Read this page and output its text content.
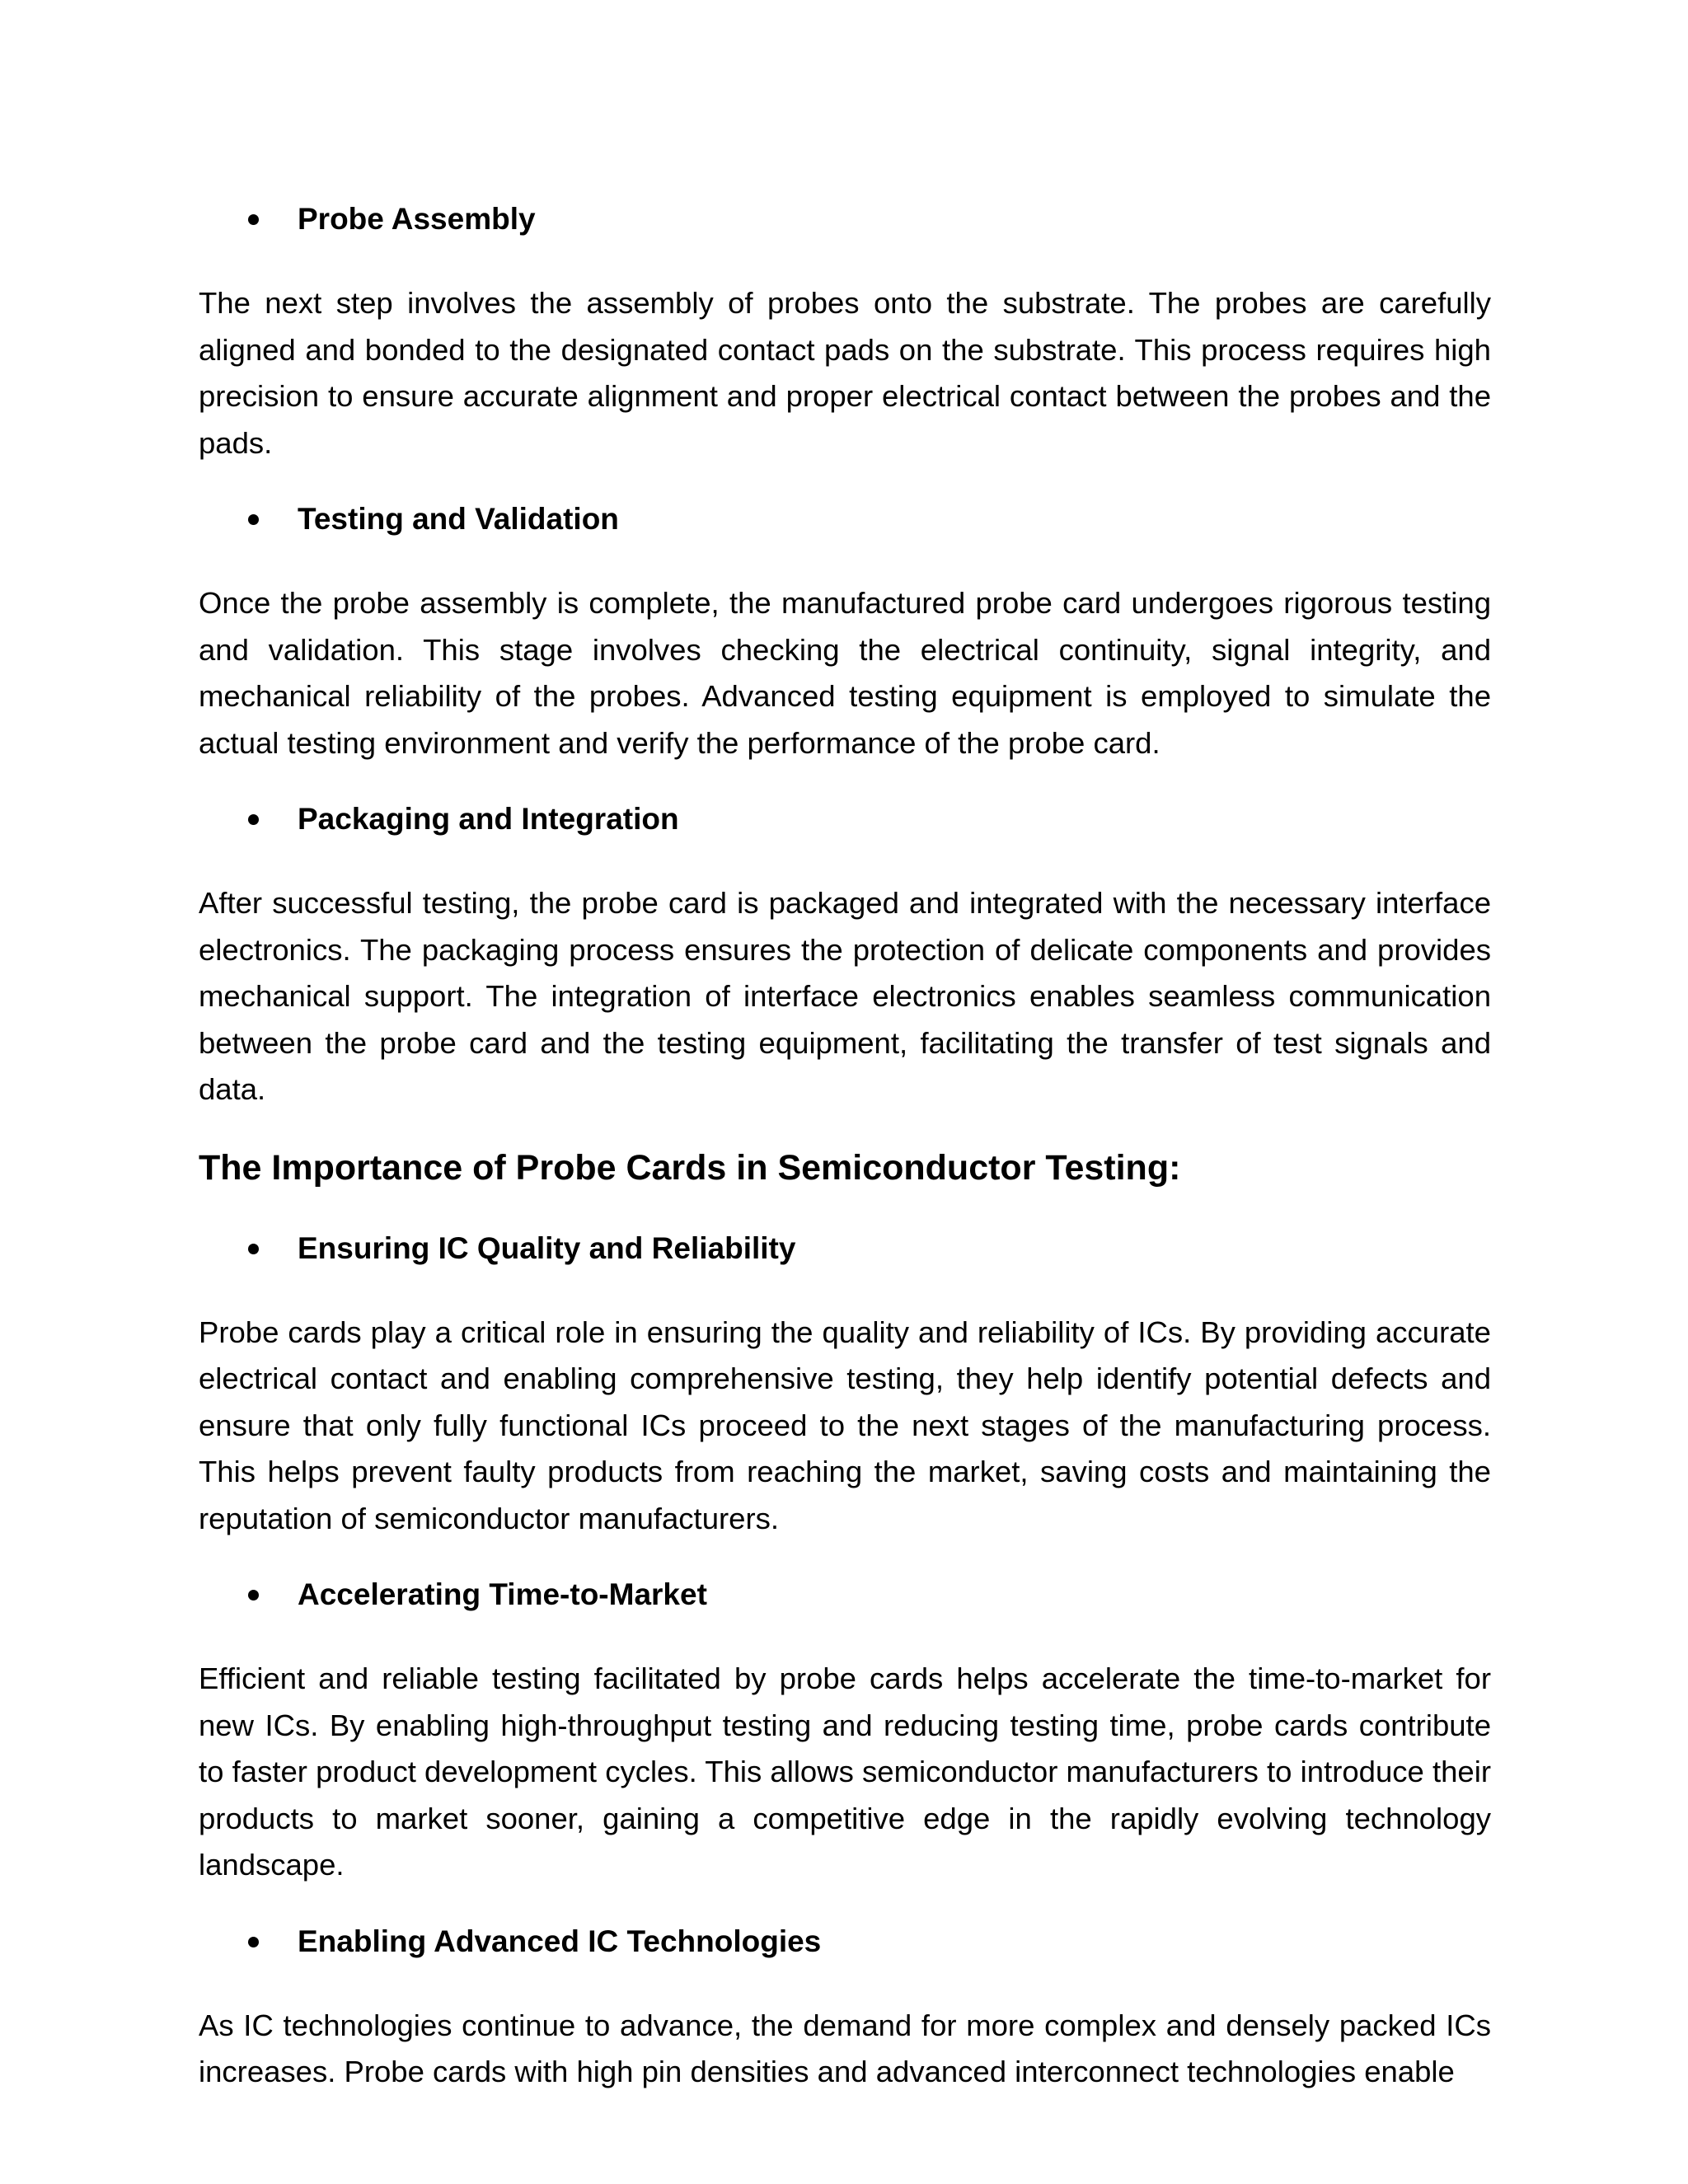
Probe Assembly

The next step involves the assembly of probes onto the substrate. The probes are carefully aligned and bonded to the designated contact pads on the substrate. This process requires high precision to ensure accurate alignment and proper electrical contact between the probes and the pads.

Testing and Validation

Once the probe assembly is complete, the manufactured probe card undergoes rigorous testing and validation. This stage involves checking the electrical continuity, signal integrity, and mechanical reliability of the probes. Advanced testing equipment is employed to simulate the actual testing environment and verify the performance of the probe card.

Packaging and Integration

After successful testing, the probe card is packaged and integrated with the necessary interface electronics. The packaging process ensures the protection of delicate components and provides mechanical support. The integration of interface electronics enables seamless communication between the probe card and the testing equipment, facilitating the transfer of test signals and data.

The Importance of Probe Cards in Semiconductor Testing:
Ensuring IC Quality and Reliability

Probe cards play a critical role in ensuring the quality and reliability of ICs. By providing accurate electrical contact and enabling comprehensive testing, they help identify potential defects and ensure that only fully functional ICs proceed to the next stages of the manufacturing process. This helps prevent faulty products from reaching the market, saving costs and maintaining the reputation of semiconductor manufacturers.

Accelerating Time-to-Market

Efficient and reliable testing facilitated by probe cards helps accelerate the time-to-market for new ICs. By enabling high-throughput testing and reducing testing time, probe cards contribute to faster product development cycles. This allows semiconductor manufacturers to introduce their products to market sooner, gaining a competitive edge in the rapidly evolving technology landscape.

Enabling Advanced IC Technologies

As IC technologies continue to advance, the demand for more complex and densely packed ICs increases. Probe cards with high pin densities and advanced interconnect technologies enable
